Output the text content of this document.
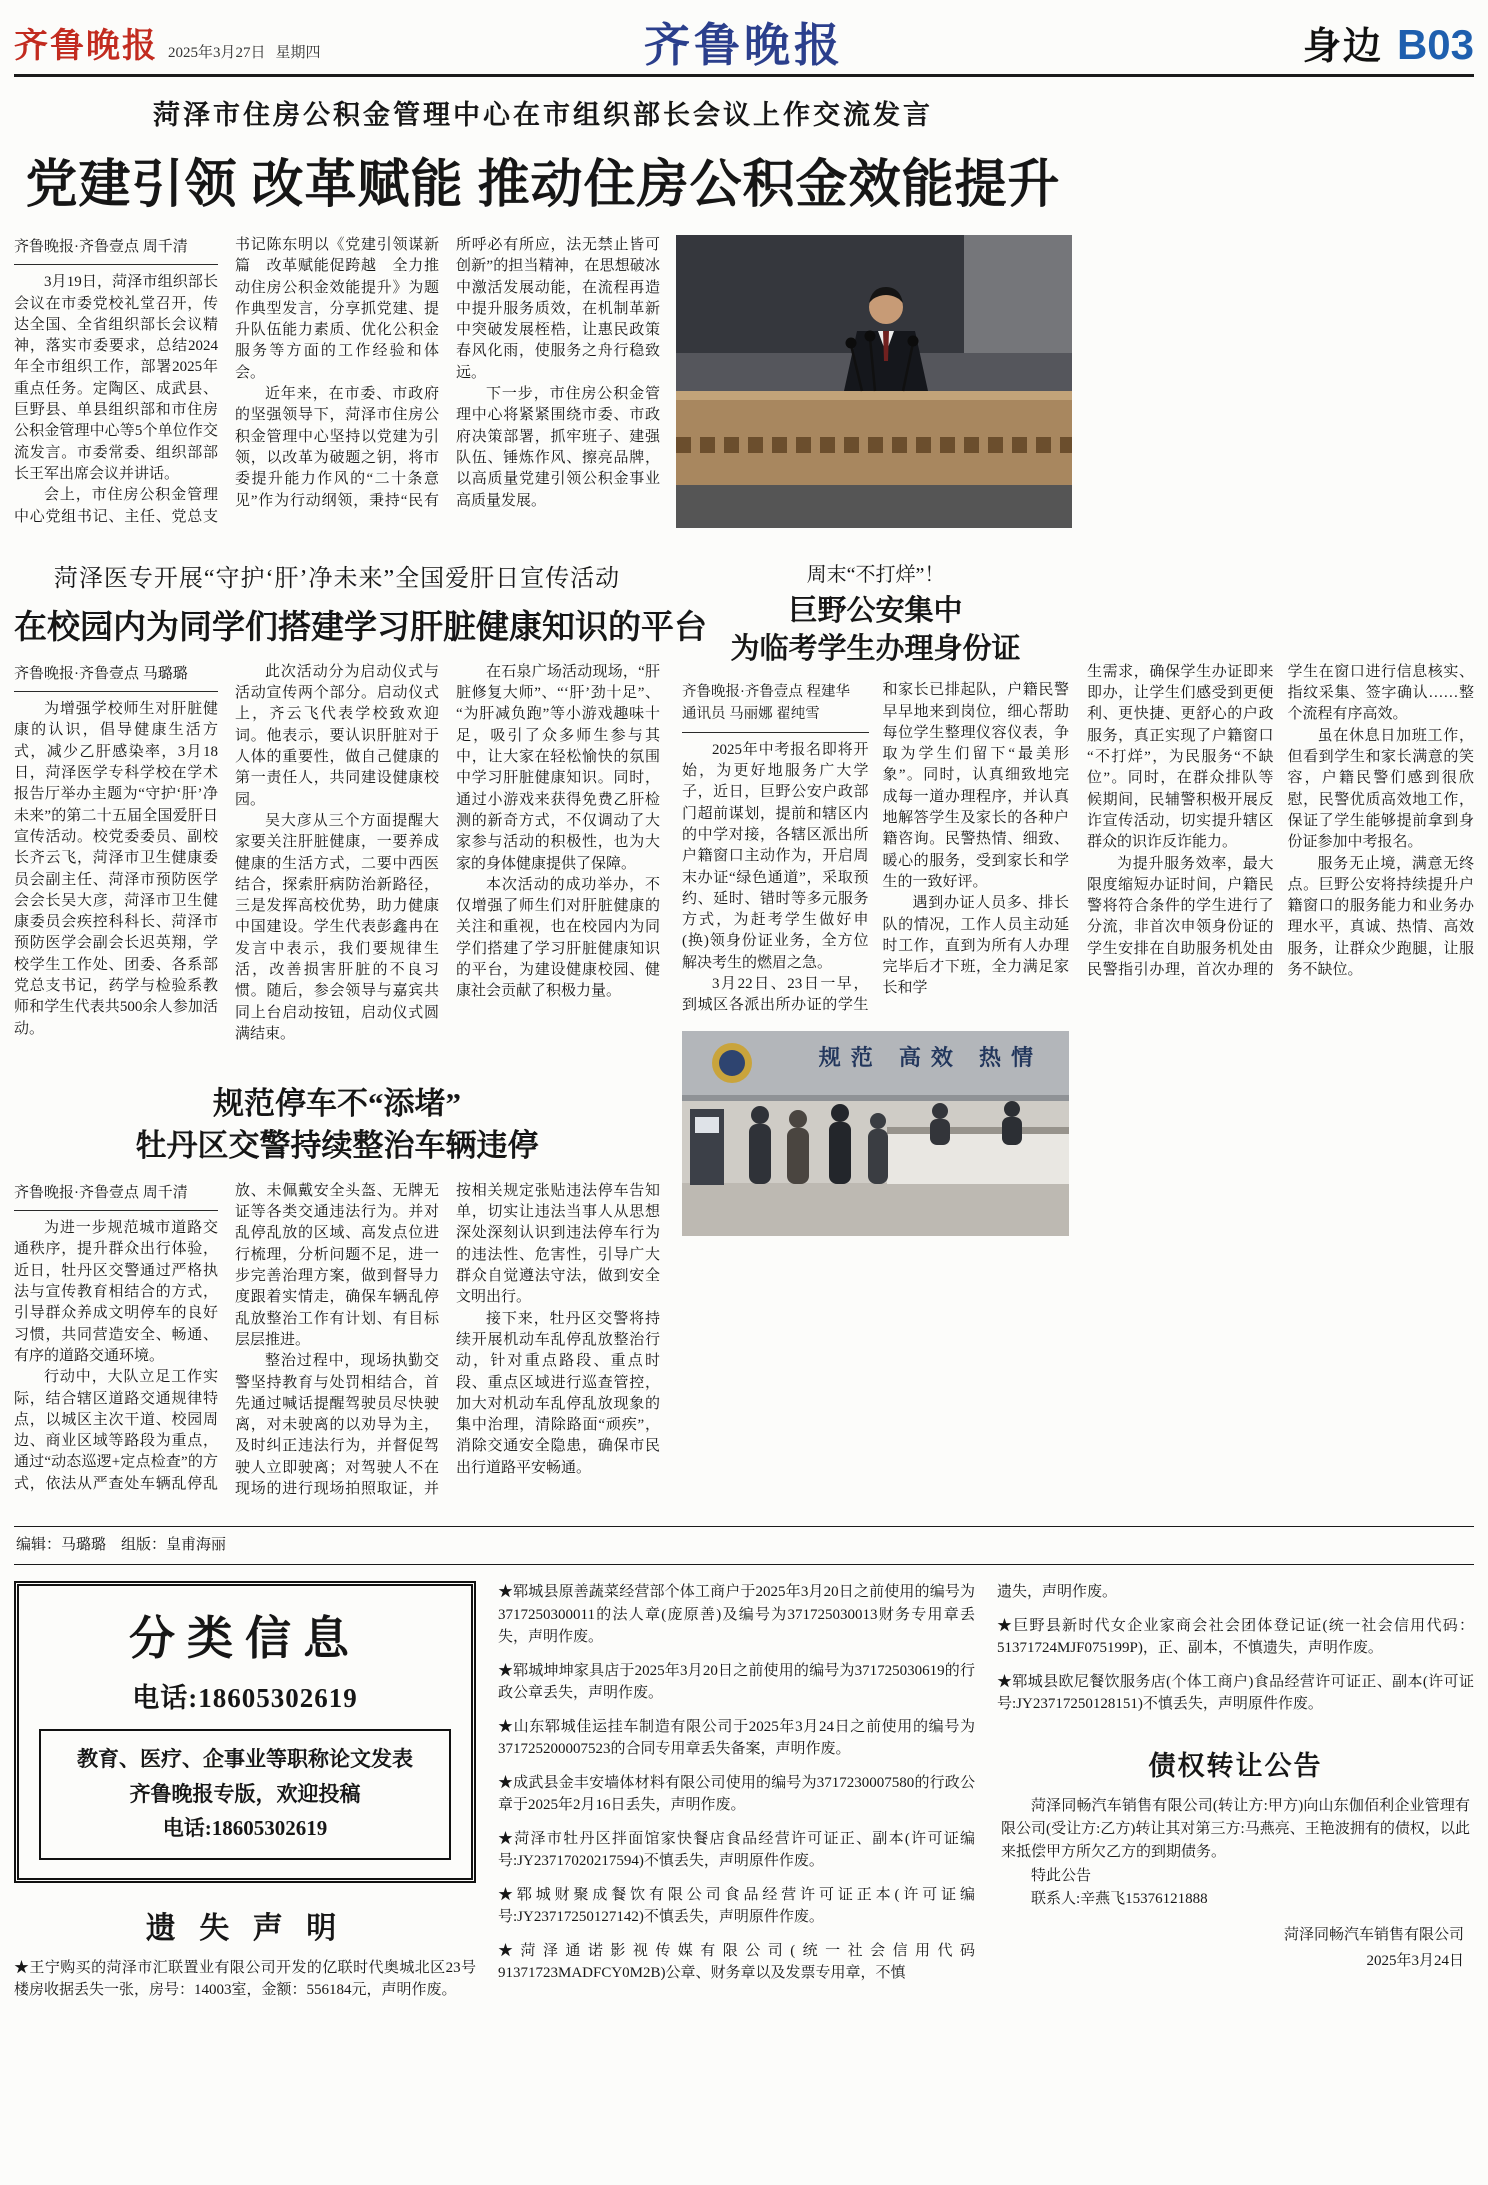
齐鲁晚报 2025年3月27日 星期四	齐鲁晚报	身边 B03
菏泽市住房公积金管理中心在市组织部长会议上作交流发言
党建引领 改革赋能 推动住房公积金效能提升
齐鲁晚报·齐鲁壹点 周千清

3月19日，菏泽市组织部长会议在市委党校礼堂召开，传达全国、全省组织部长会议精神，落实市委要求，总结2024年全市组织工作，部署2025年重点任务。定陶区、成武县、巨野县、单县组织部和市住房公积金管理中心等5个单位作交流发言。市委常委、组织部部长王军出席会议并讲话。

会上，市住房公积金管理中心党组书记、主任、党总支书记陈东明以《党建引领谋新篇　改革赋能促跨越　全力推动住房公积金效能提升》为题作典型发言，分享抓党建、提升队伍能力素质、优化公积金服务等方面的工作经验和体会。

近年来，在市委、市政府的坚强领导下，菏泽市住房公积金管理中心坚持以党建为引领，以改革为破题之钥，将市委提升能力作风的“二十条意见”作为行动纲领，秉持“民有所呼必有所应，法无禁止皆可创新”的担当精神，在思想破冰中激活发展动能，在流程再造中提升服务质效，在机制革新中突破发展桎梏，让惠民政策春风化雨，使服务之舟行稳致远。

下一步，市住房公积金管理中心将紧紧围绕市委、市政府决策部署，抓牢班子、建强队伍、锤炼作风、擦亮品牌，以高质量党建引领公积金事业高质量发展。

菏泽医专开展“守护‘肝’净未来”全国爱肝日宣传活动
在校园内为同学们搭建学习肝脏健康知识的平台
齐鲁晚报·齐鲁壹点 马璐璐

为增强学校师生对肝脏健康的认识，倡导健康生活方式，减少乙肝感染率，3月18日，菏泽医学专科学校在学术报告厅举办主题为“守护‘肝’净未来”的第二十五届全国爱肝日宣传活动。校党委委员、副校长齐云飞，菏泽市卫生健康委员会副主任、菏泽市预防医学会会长吴大彦，菏泽市卫生健康委员会疾控科科长、菏泽市预防医学会副会长迟英翔，学校学生工作处、团委、各系部党总支书记，药学与检验系教师和学生代表共500余人参加活动。

此次活动分为启动仪式与活动宣传两个部分。启动仪式上，齐云飞代表学校致欢迎词。他表示，要认识肝脏对于人体的重要性，做自己健康的第一责任人，共同建设健康校园。

吴大彦从三个方面提醒大家要关注肝脏健康，一要养成健康的生活方式，二要中西医结合，探索肝病防治新路径，三是发挥高校优势，助力健康中国建设。学生代表彭鑫冉在发言中表示，我们要规律生活，改善损害肝脏的不良习惯。随后，参会领导与嘉宾共同上台启动按钮，启动仪式圆满结束。

在石泉广场活动现场，“肝脏修复大师”、“‘肝’劲十足”、“为肝减负跑”等小游戏趣味十足，吸引了众多师生参与其中，让大家在轻松愉快的氛围中学习肝脏健康知识。同时，通过小游戏来获得免费乙肝检测的新奇方式，不仅调动了大家参与活动的积极性，也为大家的身体健康提供了保障。

本次活动的成功举办，不仅增强了师生们对肝脏健康的关注和重视，也在校园内为同学们搭建了学习肝脏健康知识的平台，为建设健康校园、健康社会贡献了积极力量。

规范停车不“添堵”
牡丹区交警持续整治车辆违停
齐鲁晚报·齐鲁壹点 周千清

为进一步规范城市道路交通秩序，提升群众出行体验，近日，牡丹区交警通过严格执法与宣传教育相结合的方式，引导群众养成文明停车的良好习惯，共同营造安全、畅通、有序的道路交通环境。

行动中，大队立足工作实际，结合辖区道路交通规律特点，以城区主次干道、校园周边、商业区域等路段为重点，通过“动态巡逻+定点检查”的方式，依法从严查处车辆乱停乱放、未佩戴安全头盔、无牌无证等各类交通违法行为。并对乱停乱放的区域、高发点位进行梳理，分析问题不足，进一步完善治理方案，做到督导力度跟着实情走，确保车辆乱停乱放整治工作有计划、有目标层层推进。

整治过程中，现场执勤交警坚持教育与处罚相结合，首先通过喊话提醒驾驶员尽快驶离，对未驶离的以劝导为主，及时纠正违法行为，并督促驾驶人立即驶离；对驾驶人不在现场的进行现场拍照取证，并按相关规定张贴违法停车告知单，切实让违法当事人从思想深处深刻认识到违法停车行为的违法性、危害性，引导广大群众自觉遵法守法，做到安全文明出行。

接下来，牡丹区交警将持续开展机动车乱停乱放整治行动，针对重点路段、重点时段、重点区域进行巡查管控，加大对机动车乱停乱放现象的集中治理，清除路面“顽疾”，消除交通安全隐患，确保市民出行道路平安畅通。

周末“不打烊”！
巨野公安集中
为临考学生办理身份证
齐鲁晚报·齐鲁壹点 程建华
通讯员 马丽娜 翟纯雪

2025年中考报名即将开始，为更好地服务广大学子，近日，巨野公安户政部门超前谋划，提前和辖区内的中学对接，各辖区派出所户籍窗口主动作为，开启周末办证“绿色通道”，采取预约、延时、错时等多元服务方式，为赶考学生做好申(换)领身份证业务，全方位解决考生的燃眉之急。

3月22日、23日一早，到城区各派出所办证的学生和家长已排起队，户籍民警早早地来到岗位，细心帮助每位学生整理仪容仪表，争取为学生们留下“最美形象”。同时，认真细致地完成每一道办理程序，并认真地解答学生及家长的各种户籍咨询。民警热情、细致、暖心的服务，受到家长和学生的一致好评。

遇到办证人员多、排长队的情况，工作人员主动延时工作，直到为所有人办理完毕后才下班，全力满足家长和学

规范 高效 热情

生需求，确保学生办证即来即办，让学生们感受到更便利、更快捷、更舒心的户政服务，真正实现了户籍窗口“不打烊”，为民服务“不缺位”。同时，在群众排队等候期间，民辅警积极开展反诈宣传活动，切实提升辖区群众的识诈反诈能力。

为提升服务效率，最大限度缩短办证时间，户籍民警将符合条件的学生进行了分流，非首次申领身份证的学生安排在自助服务机处由民警指引办理，首次办理的学生在窗口进行信息核实、指纹采集、签字确认……整个流程有序高效。

虽在休息日加班工作，但看到学生和家长满意的笑容，户籍民警们感到很欣慰，民警优质高效地工作，保证了学生能够提前拿到身份证参加中考报名。

服务无止境，满意无终点。巨野公安将持续提升户籍窗口的服务能力和业务办理水平，真诚、热情、高效服务，让群众少跑腿，让服务不缺位。

编辑：马璐璐　组版：皇甫海丽
分类信息
电话:18605302619

教育、医疗、企事业等职称论文发表

齐鲁晚报专版，欢迎投稿

电话:18605302619

遗 失 声 明

★王宁购买的菏泽市汇联置业有限公司开发的亿联时代奥城北区23号楼房收据丢失一张，房号：14003室，金额：556184元，声明作废。

★郓城县原善蔬菜经营部个体工商户于2025年3月20日之前使用的编号为3717250300011的法人章(庞原善)及编号为371725030013财务专用章丢失，声明作废。

★郓城坤坤家具店于2025年3月20日之前使用的编号为371725030619的行政公章丢失，声明作废。

★山东郓城佳运挂车制造有限公司于2025年3月24日之前使用的编号为371725200007523的合同专用章丢失备案，声明作废。

★成武县金丰安墙体材料有限公司使用的编号为3717230007580的行政公章于2025年2月16日丢失，声明作废。

★菏泽市牡丹区拌面馆家快餐店食品经营许可证正、副本(许可证编号:JY23717020217594)不慎丢失，声明原件作废。

★郓城财聚成餐饮有限公司食品经营许可证正本(许可证编号:JY23717250127142)不慎丢失，声明原件作废。

★菏泽通诺影视传媒有限公司(统一社会信用代码91371723MADFCY0M2B)公章、财务章以及发票专用章，不慎

遗失，声明作废。

★巨野县新时代女企业家商会社会团体登记证(统一社会信用代码：51371724MJF075199P)，正、副本，不慎遗失，声明作废。

★郓城县欧尼餐饮服务店(个体工商户)食品经营许可证正、副本(许可证号:JY23717250128151)不慎丢失，声明原件作废。

债权转让公告

菏泽同畅汽车销售有限公司(转让方:甲方)向山东伽佰利企业管理有限公司(受让方:乙方)转让其对第三方:马燕亮、王艳波拥有的债权，以此来抵偿甲方所欠乙方的到期债务。

特此公告

联系人:辛燕飞15376121888

菏泽同畅汽车销售有限公司
2025年3月24日
